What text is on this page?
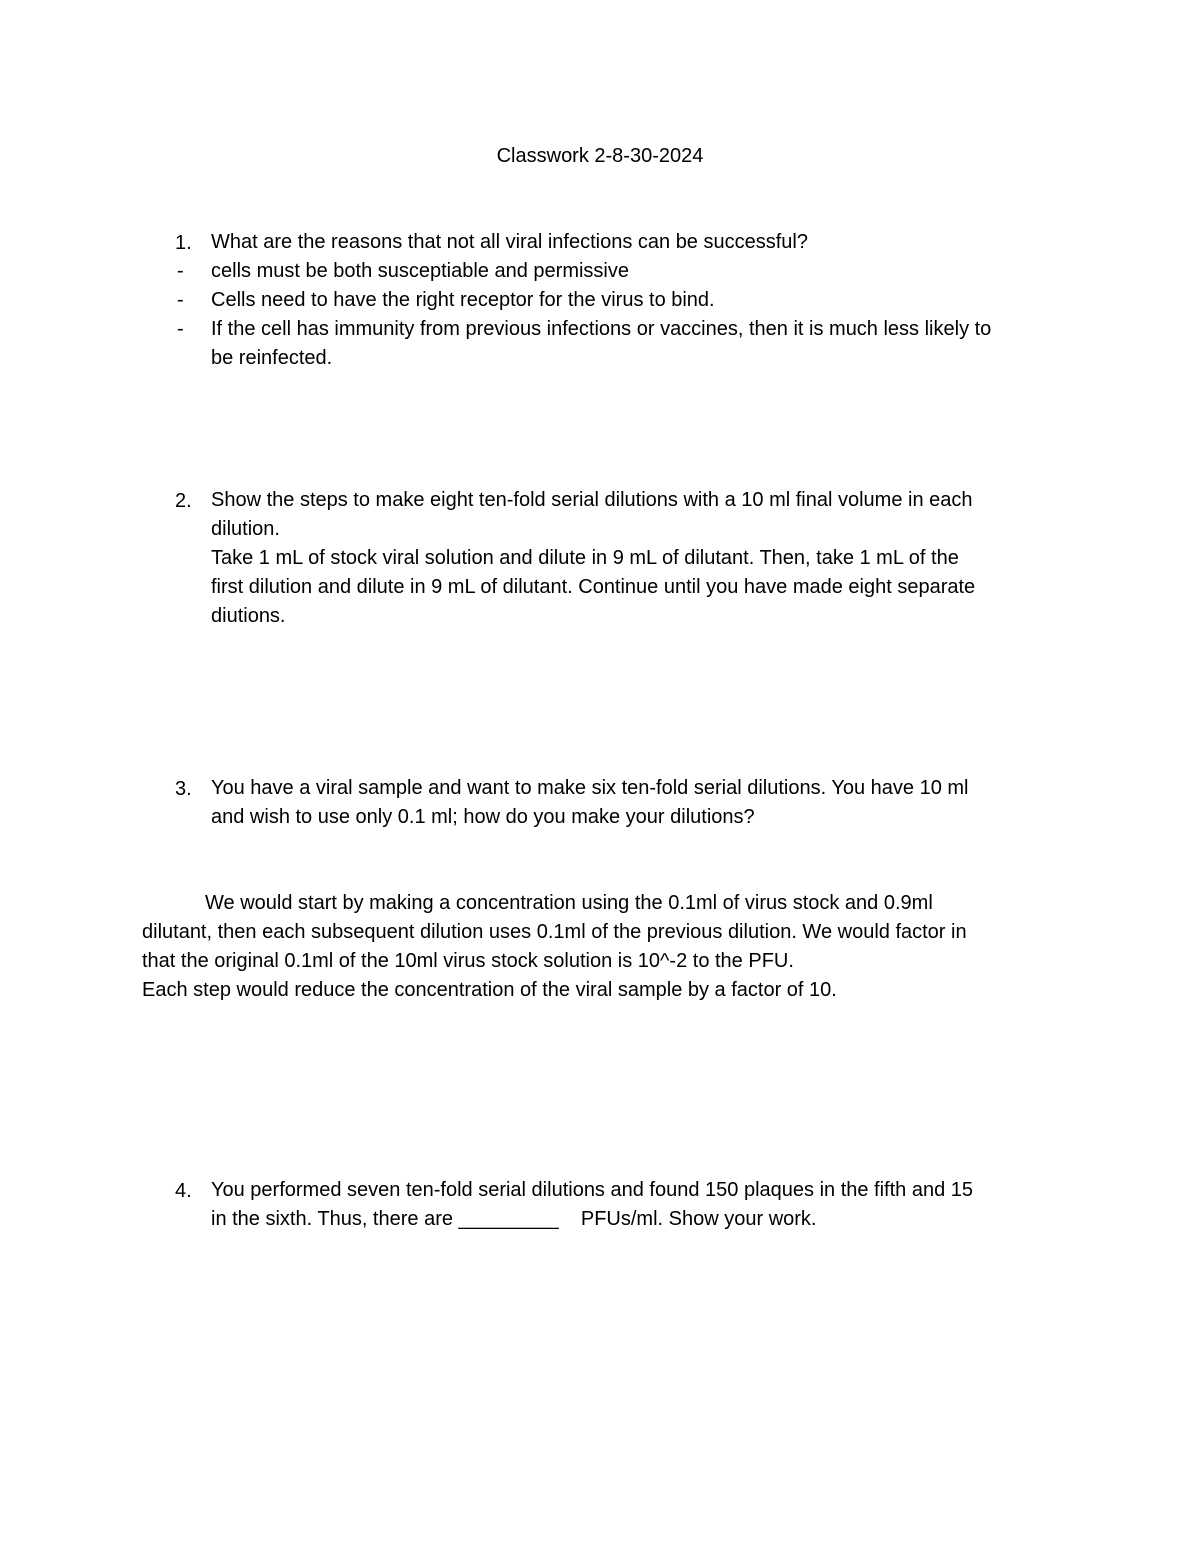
Classwork 2-8-30-2024
1. What are the reasons that not all viral infections can be successful?
- cells must be both susceptiable and permissive
- Cells need to have the right receptor for the virus to bind.
- If the cell has immunity from previous infections or vaccines, then it is much less likely to
be reinfected.
2. Show the steps to make eight ten-fold serial dilutions with a 10 ml final volume in each
dilution.
Take 1 mL of stock viral solution and dilute in 9 mL of dilutant. Then, take 1 mL of the
first dilution and dilute in 9 mL of dilutant. Continue until you have made eight separate
diutions.
3. You have a viral sample and want to make six ten-fold serial dilutions. You have 10 ml
and wish to use only 0.1 ml; how do you make your dilutions?
We would start by making a concentration using the 0.1ml of virus stock and 0.9ml
dilutant, then each subsequent dilution uses 0.1ml of the previous dilution. We would factor in
that the original 0.1ml of the 10ml virus stock solution is 10^-2 to the PFU.
Each step would reduce the concentration of the viral sample by a factor of 10.
4. You performed seven ten-fold serial dilutions and found 150 plaques in the fifth and 15
in the sixth. Thus, there are _________    PFUs/ml. Show your work.
